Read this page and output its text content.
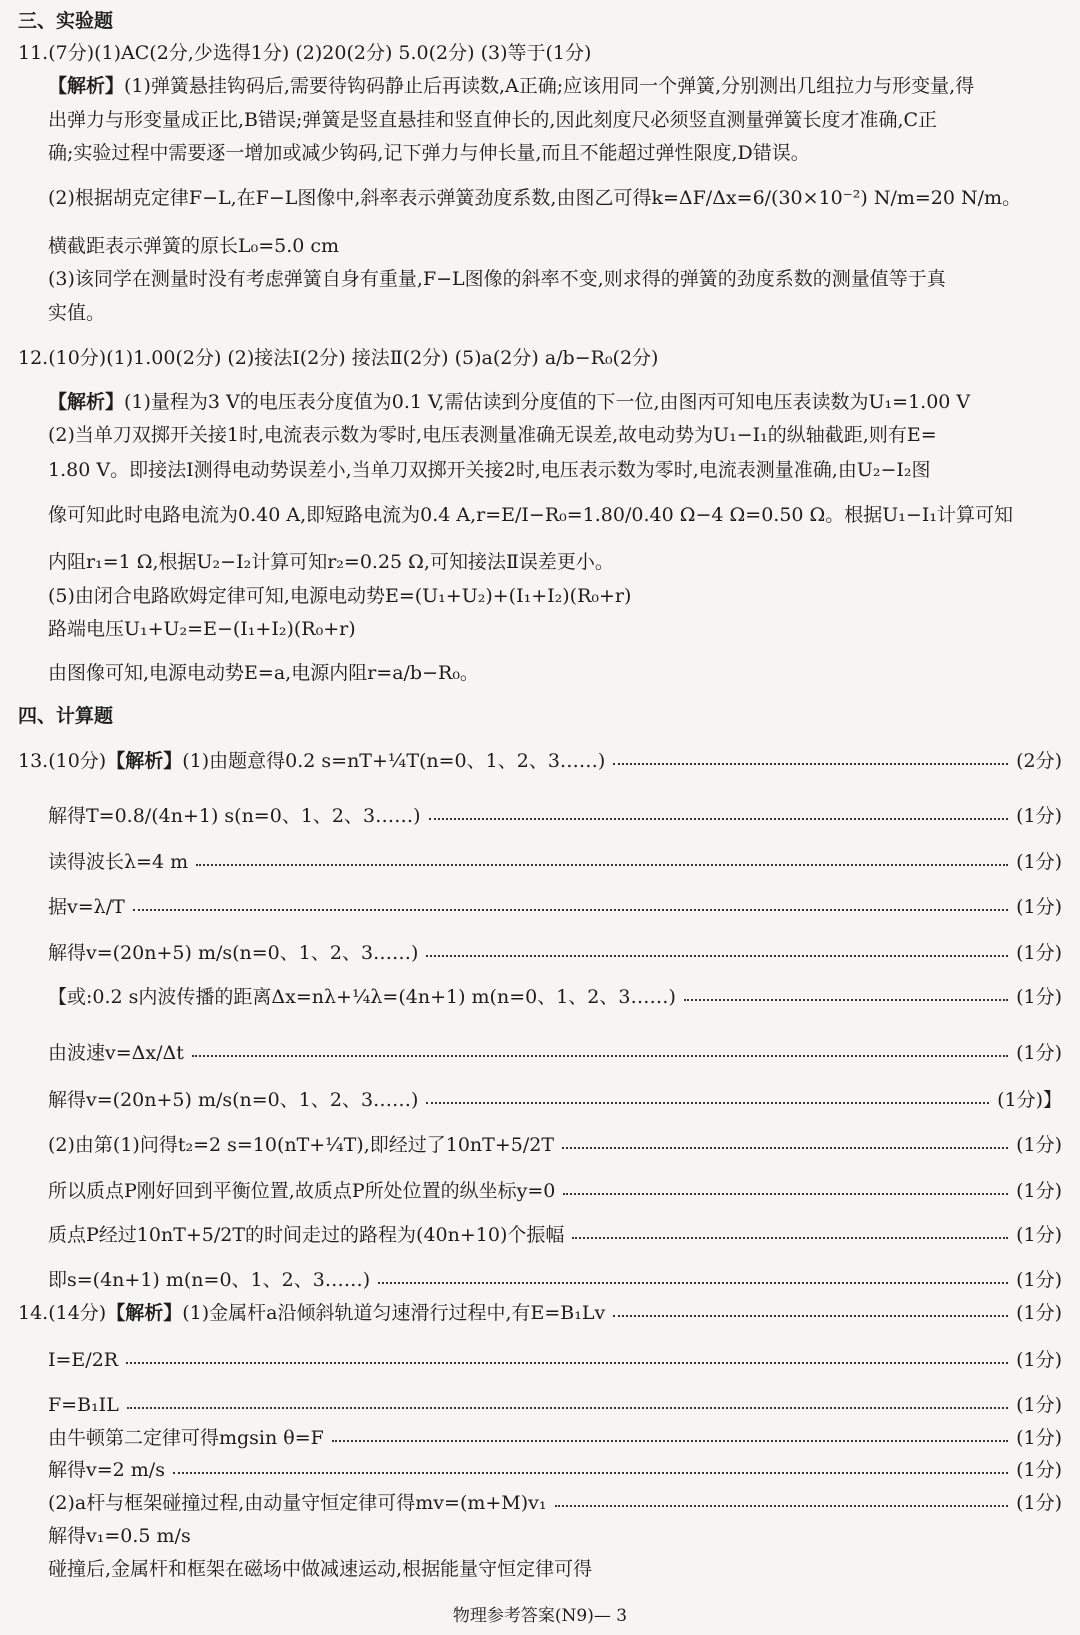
三、实验题
11.(7分)(1)AC(2分,少选得1分) (2)20(2分) 5.0(2分) (3)等于(1分)
【解析】(1)弹簧悬挂钩码后,需要待钩码静止后再读数,A正确;应该用同一个弹簧,分别测出几组拉力与形变量,得
出弹力与形变量成正比,B错误;弹簧是竖直悬挂和竖直伸长的,因此刻度尺必须竖直测量弹簧长度才准确,C正
确;实验过程中需要逐一增加或减少钩码,记下弹力与伸长量,而且不能超过弹性限度,D错误。
(2)根据胡克定律F−L,在F−L图像中,斜率表示弹簧劲度系数,由图乙可得k=ΔF/Δx=6/(30×10⁻²) N/m=20 N/m。
横截距表示弹簧的原长L₀=5.0 cm
(3)该同学在测量时没有考虑弹簧自身有重量,F−L图像的斜率不变,则求得的弹簧的劲度系数的测量值等于真
实值。
12.(10分)(1)1.00(2分) (2)接法Ⅰ(2分) 接法Ⅱ(2分) (5)a(2分) a/b−R₀(2分)
【解析】(1)量程为3 V的电压表分度值为0.1 V,需估读到分度值的下一位,由图丙可知电压表读数为U₁=1.00 V
(2)当单刀双掷开关接1时,电流表示数为零时,电压表测量准确无误差,故电动势为U₁−I₁的纵轴截距,则有E=
1.80 V。即接法Ⅰ测得电动势误差小,当单刀双掷开关接2时,电压表示数为零时,电流表测量准确,由U₂−I₂图
像可知此时电路电流为0.40 A,即短路电流为0.4 A,r=E/I−R₀=1.80/0.40 Ω−4 Ω=0.50 Ω。根据U₁−I₁计算可知
内阻r₁=1 Ω,根据U₂−I₂计算可知r₂=0.25 Ω,可知接法Ⅱ误差更小。
(5)由闭合电路欧姆定律可知,电源电动势E=(U₁+U₂)+(I₁+I₂)(R₀+r)
路端电压U₁+U₂=E−(I₁+I₂)(R₀+r)
由图像可知,电源电动势E=a,电源内阻r=a/b−R₀。
四、计算题
13.(10分)【解析】(1)由题意得0.2 s=nT+¼T(n=0、1、2、3……)	(2分)
解得T=0.8/(4n+1) s(n=0、1、2、3……)	(1分)
读得波长λ=4 m	(1分)
据v=λ/T	(1分)
解得v=(20n+5) m/s(n=0、1、2、3……)	(1分)
【或:0.2 s内波传播的距离Δx=nλ+¼λ=(4n+1) m(n=0、1、2、3……)	(1分)
由波速v=Δx/Δt	(1分)
解得v=(20n+5) m/s(n=0、1、2、3……)	(1分)】
(2)由第(1)问得t₂=2 s=10(nT+¼T),即经过了10nT+5/2T	(1分)
所以质点P刚好回到平衡位置,故质点P所处位置的纵坐标y=0	(1分)
质点P经过10nT+5/2T的时间走过的路程为(40n+10)个振幅	(1分)
即s=(4n+1) m(n=0、1、2、3……)	(1分)
14.(14分)【解析】(1)金属杆a沿倾斜轨道匀速滑行过程中,有E=B₁Lv	(1分)
I=E/2R	(1分)
F=B₁IL	(1分)
由牛顿第二定律可得mgsin θ=F	(1分)
解得v=2 m/s	(1分)
(2)a杆与框架碰撞过程,由动量守恒定律可得mv=(m+M)v₁	(1分)
解得v₁=0.5 m/s
碰撞后,金属杆和框架在磁场中做减速运动,根据能量守恒定律可得
物理参考答案(N9)— 3
